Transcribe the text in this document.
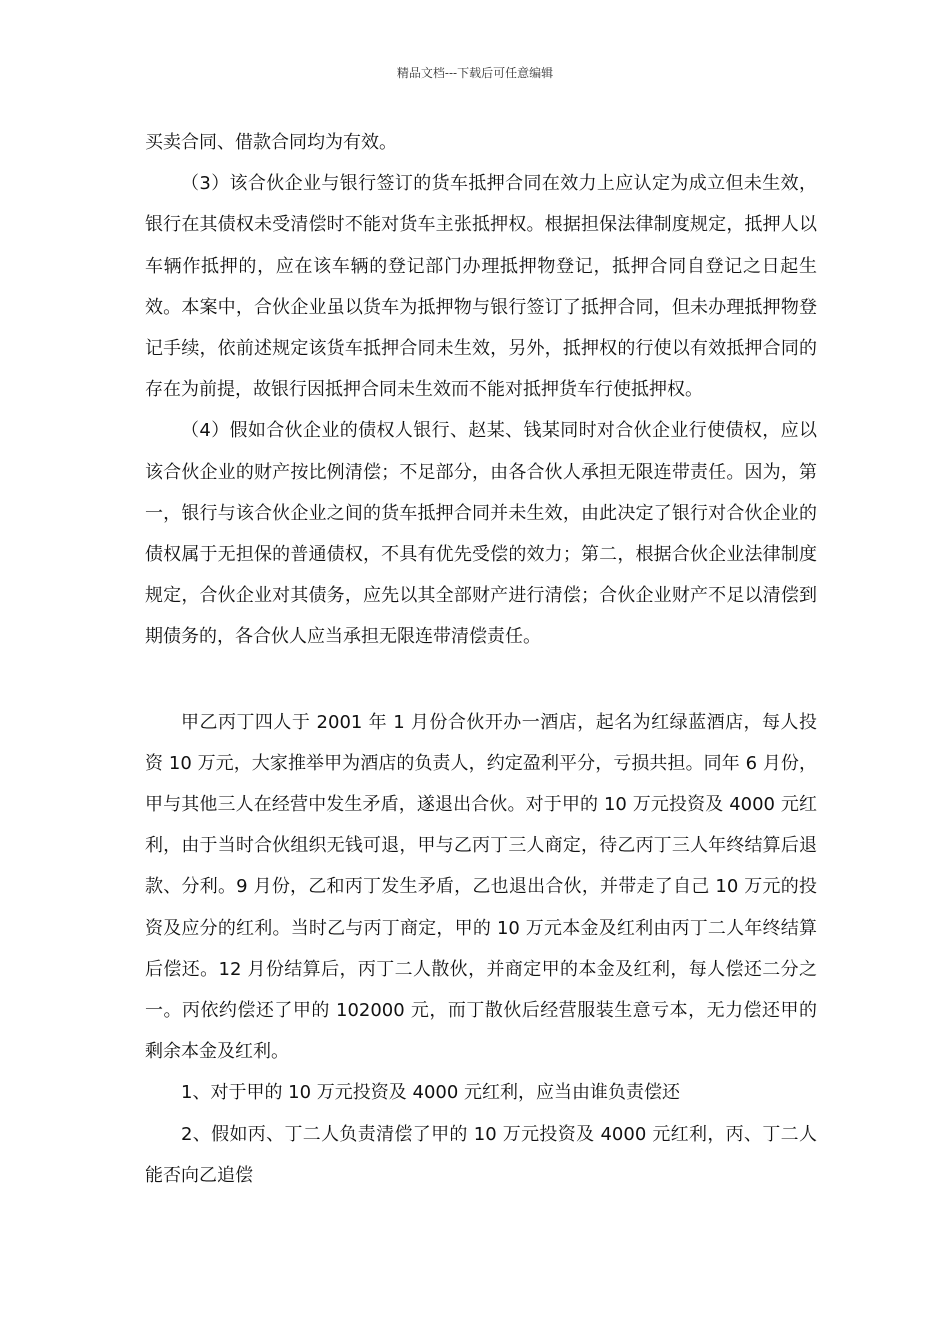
精品文档---下载后可任意编辑

买卖合同、借款合同均为有效。

（3）该合伙企业与银行签订的货车抵押合同在效力上应认定为成立但未生效，银行在其债权未受清偿时不能对货车主张抵押权。根据担保法律制度规定，抵押人以车辆作抵押的，应在该车辆的登记部门办理抵押物登记，抵押合同自登记之日起生效。本案中，合伙企业虽以货车为抵押物与银行签订了抵押合同，但未办理抵押物登记手续，依前述规定该货车抵押合同未生效，另外，抵押权的行使以有效抵押合同的存在为前提，故银行因抵押合同未生效而不能对抵押货车行使抵押权。

（4）假如合伙企业的债权人银行、赵某、钱某同时对合伙企业行使债权，应以该合伙企业的财产按比例清偿；不足部分，由各合伙人承担无限连带责任。因为，第一，银行与该合伙企业之间的货车抵押合同并未生效，由此决定了银行对合伙企业的债权属于无担保的普通债权，不具有优先受偿的效力；第二，根据合伙企业法律制度规定，合伙企业对其债务，应先以其全部财产进行清偿；合伙企业财产不足以清偿到期债务的，各合伙人应当承担无限连带清偿责任。

甲乙丙丁四人于 2001 年 1 月份合伙开办一酒店，起名为红绿蓝酒店，每人投资 10 万元，大家推举甲为酒店的负责人，约定盈利平分，亏损共担。同年 6 月份，甲与其他三人在经营中发生矛盾，遂退出合伙。对于甲的 10 万元投资及 4000 元红利，由于当时合伙组织无钱可退，甲与乙丙丁三人商定，待乙丙丁三人年终结算后退款、分利。9 月份，乙和丙丁发生矛盾，乙也退出合伙，并带走了自己 10 万元的投资及应分的红利。当时乙与丙丁商定，甲的 10 万元本金及红利由丙丁二人年终结算后偿还。12 月份结算后，丙丁二人散伙，并商定甲的本金及红利，每人偿还二分之一。丙依约偿还了甲的 102000 元，而丁散伙后经营服装生意亏本，无力偿还甲的剩余本金及红利。

1、对于甲的 10 万元投资及 4000 元红利，应当由谁负责偿还

2、假如丙、丁二人负责清偿了甲的 10 万元投资及 4000 元红利，丙、丁二人能否向乙追偿
